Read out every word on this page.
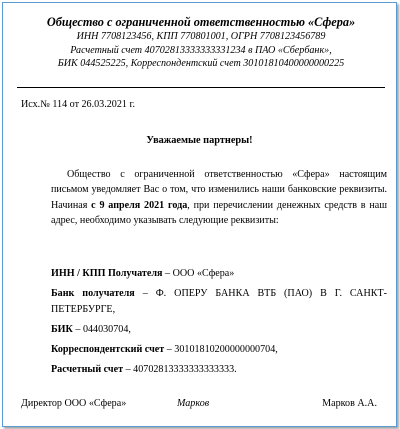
Общество с ограниченной ответственностью «Сфера»
ИНН 7708123456, КПП 770801001, ОГРН 7708123456789
Расчетный счет 40702813333333331234 в ПАО «Сбербанк»,
БИК 044525225, Корреспондентский счет 30101810400000000225
Исх.№ 114 от 26.03.2021 г.
Уважаемые партнеры!

Общество с ограниченной ответственностью «Сфера» настоящим письмом уведомляет Вас о том, что изменились наши банковские реквизиты. Начиная с 9 апреля 2021 года, при перечислении денежных средств в наш адрес, необходимо указывать следующие реквизиты:

ИНН / КПП Получателя – ООО «Сфера»
Банк получателя – Ф. ОПЕРУ БАНКА ВТБ (ПАО) В Г. САНКТ-ПЕТЕРБУРГЕ,
БИК – 044030704,
Корреспондентский счет – 30101810200000000704,
Расчетный счет – 40702813333333333333.
Директор ООО «Сфера»	Марков	Марков А.А.
